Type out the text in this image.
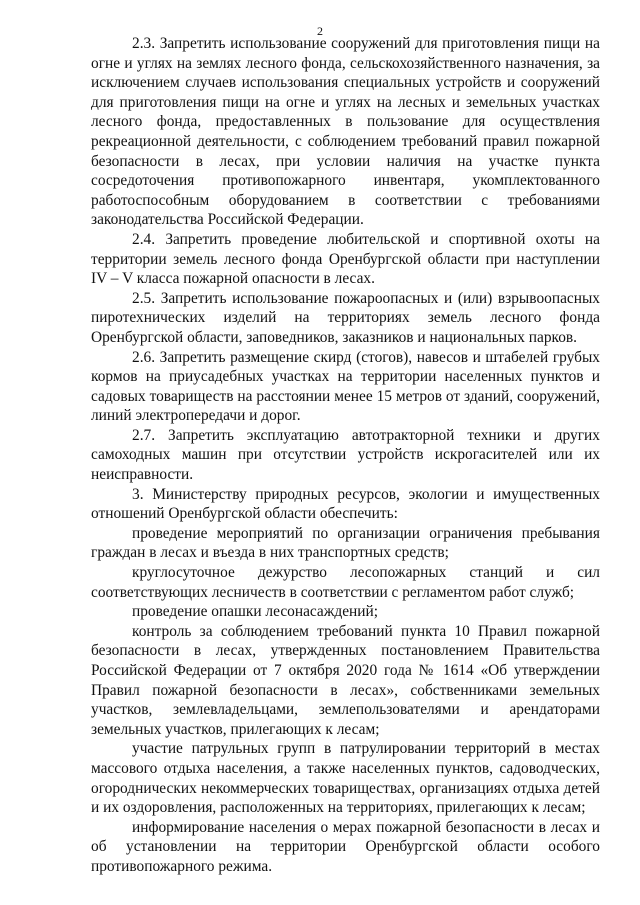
2

2.3. Запретить использование сооружений для приготовления пищи на огне и углях на землях лесного фонда, сельскохозяйственного назначения, за исключением случаев использования специальных устройств и сооружений для приготовления пищи на огне и углях на лесных и земельных участках лесного фонда, предоставленных в пользование для осуществления рекреационной деятельности, с соблюдением требований правил пожарной безопасности в лесах, при условии наличия на участке пункта сосредоточения противопожарного инвентаря, укомплектованного работоспособным оборудованием в соответствии с требованиями законодательства Российской Федерации.

2.4. Запретить проведение любительской и спортивной охоты на территории земель лесного фонда Оренбургской области при наступлении IV – V класса пожарной опасности в лесах.

2.5. Запретить использование пожароопасных и (или) взрывоопасных пиротехнических изделий на территориях земель лесного фонда Оренбургской области, заповедников, заказников и национальных парков.

2.6. Запретить размещение скирд (стогов), навесов и штабелей грубых кормов на приусадебных участках на территории населенных пунктов и садовых товариществ на расстоянии менее 15 метров от зданий, сооружений, линий электропередачи и дорог.

2.7. Запретить эксплуатацию автотракторной техники и других самоходных машин при отсутствии устройств искрогасителей или их неисправности.

3. Министерству природных ресурсов, экологии и имущественных отношений Оренбургской области обеспечить:

проведение мероприятий по организации ограничения пребывания граждан в лесах и въезда в них транспортных средств;

круглосуточное дежурство лесопожарных станций и сил соответствующих лесничеств в соответствии с регламентом работ служб;

проведение опашки лесонасаждений;

контроль за соблюдением требований пункта 10 Правил пожарной безопасности в лесах, утвержденных постановлением Правительства Российской Федерации от 7 октября 2020 года № 1614 «Об утверждении Правил пожарной безопасности в лесах», собственниками земельных участков, землевладельцами, землепользователями и арендаторами земельных участков, прилегающих к лесам;

участие патрульных групп в патрулировании территорий в местах массового отдыха населения, а также населенных пунктов, садоводческих, огороднических некоммерческих товариществах, организациях отдыха детей и их оздоровления, расположенных на территориях, прилегающих к лесам;

информирование населения о мерах пожарной безопасности в лесах и об установлении на территории Оренбургской области особого противопожарного режима.
